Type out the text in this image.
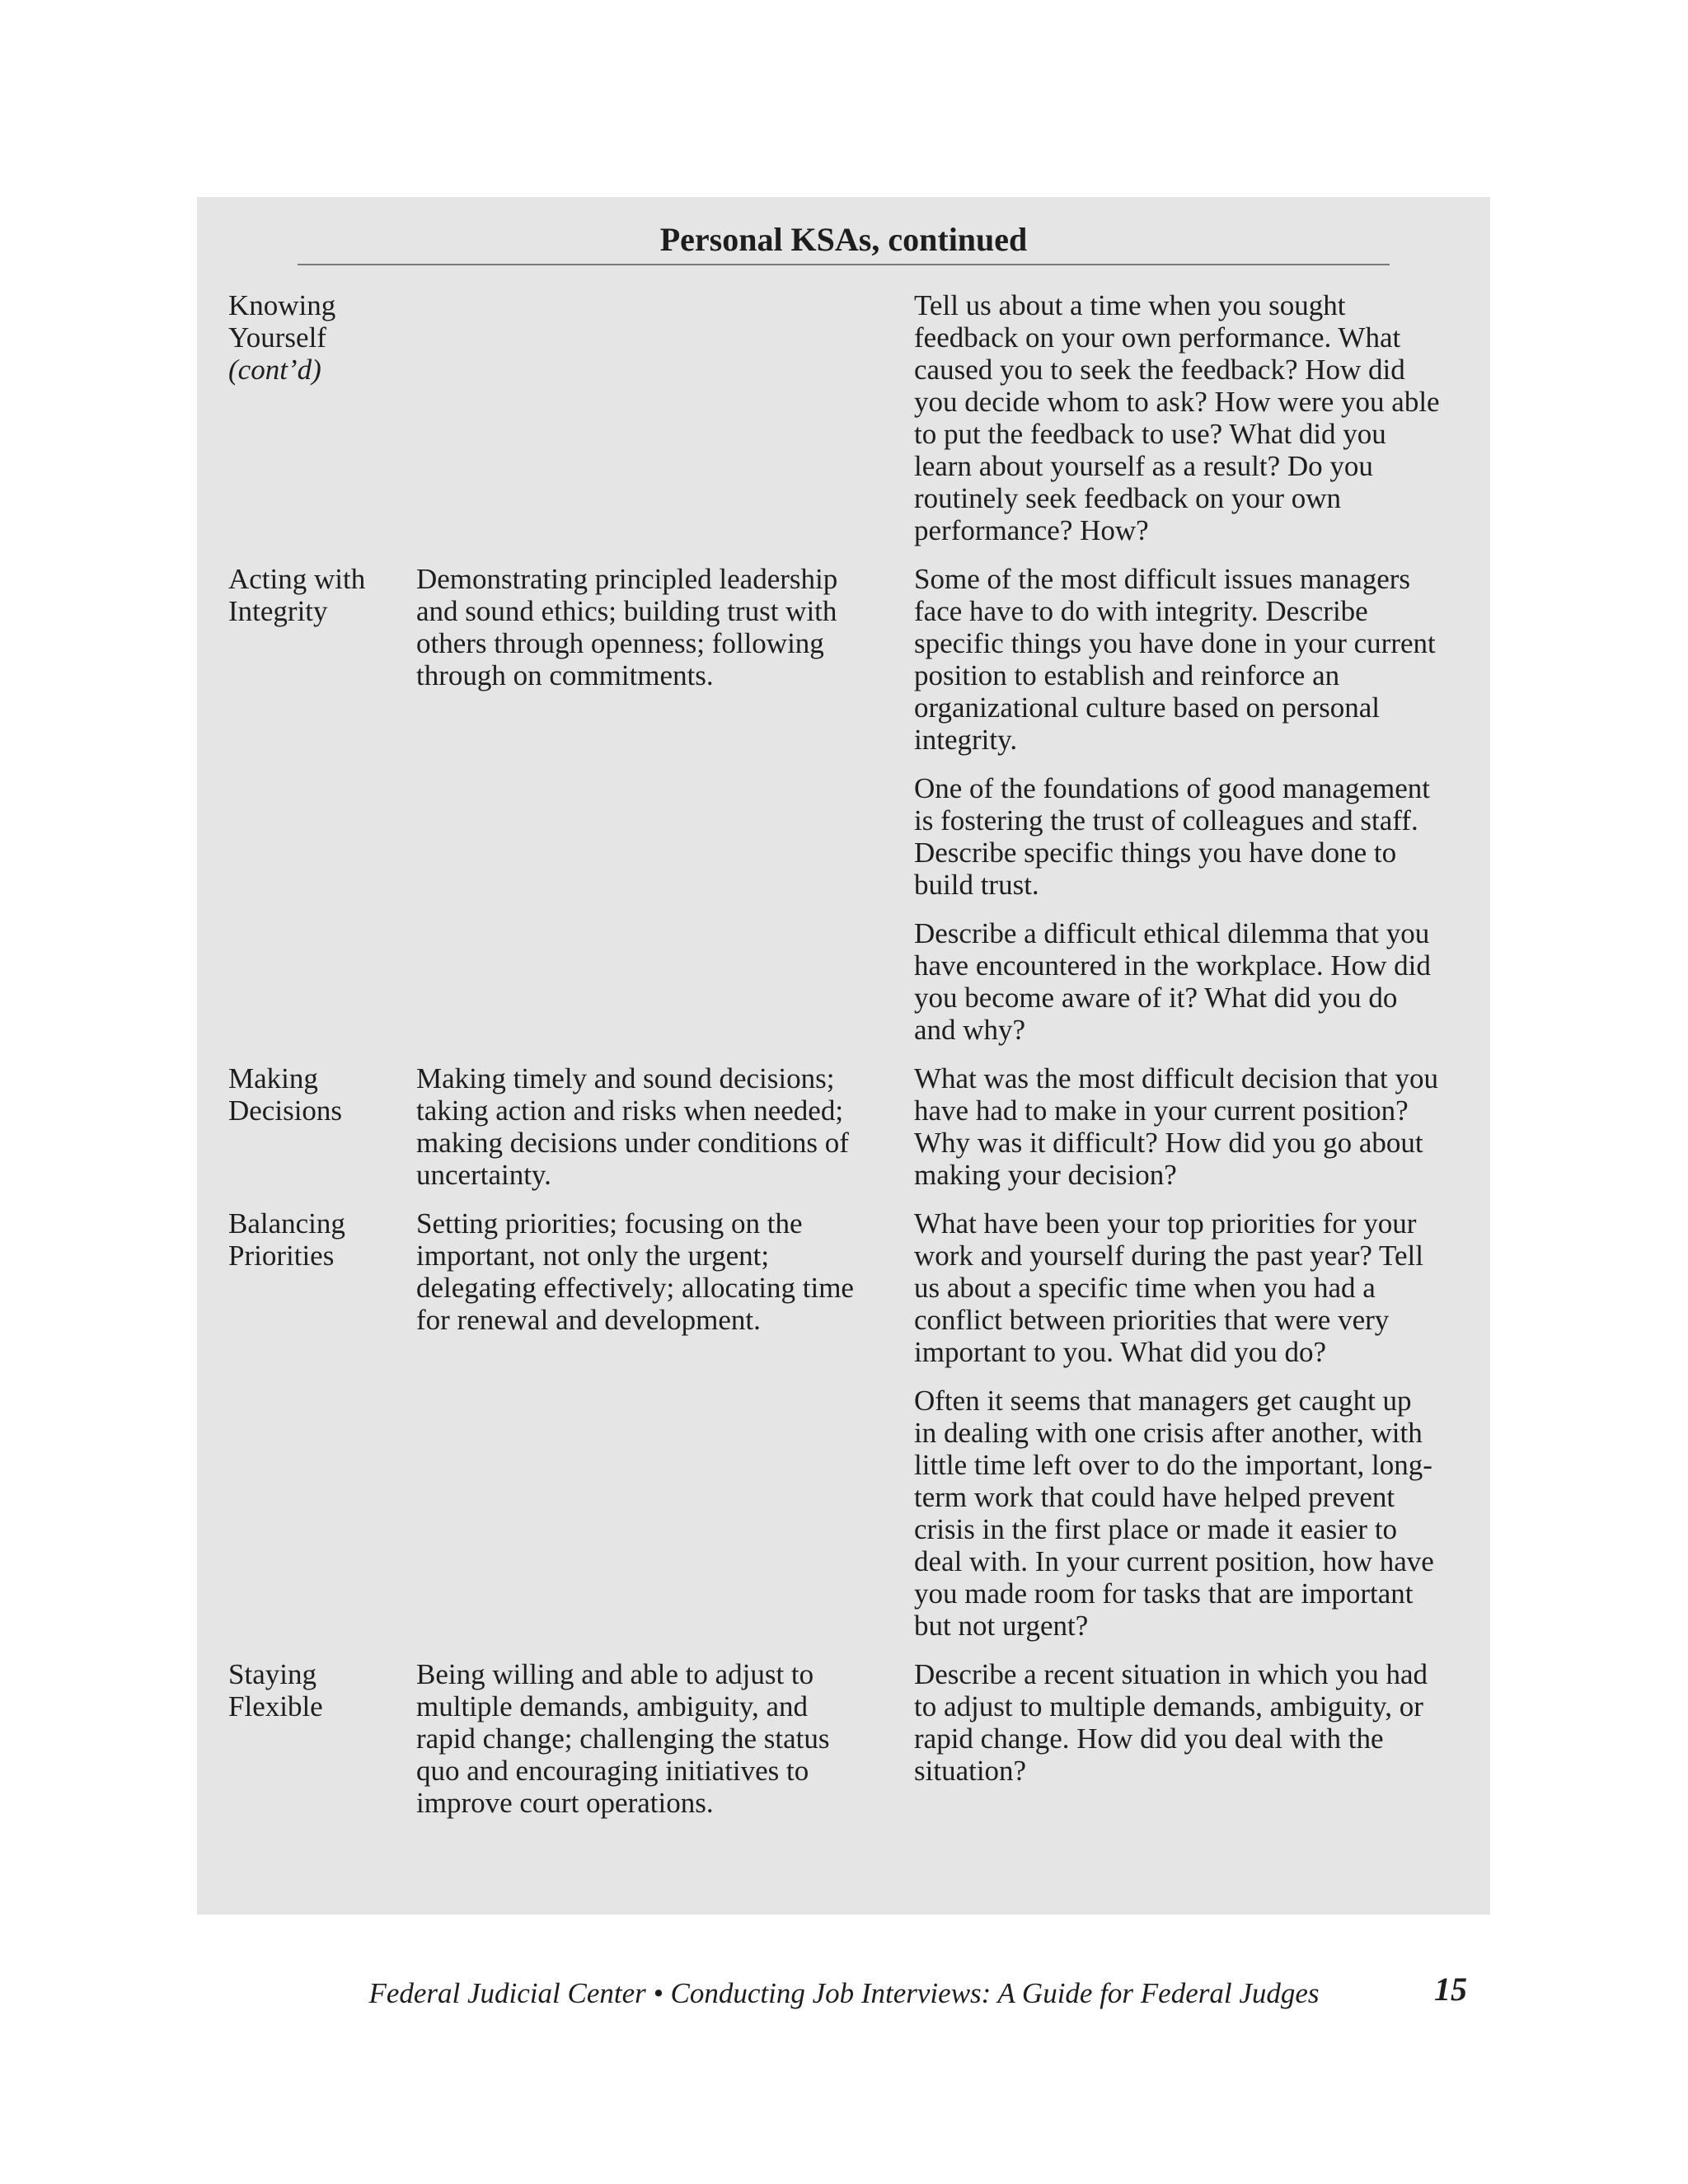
Personal KSAs, continued
Knowing
Yourself
(cont’d)

Tell us about a time when you sought feedback on your own performance. What caused you to seek the feedback? How did you decide whom to ask? How were you able to put the feedback to use? What did you learn about yourself as a result? Do you routinely seek feedback on your own performance? How?

Acting with
Integrity
Demonstrating principled leadership and sound ethics; building trust with others through openness; following through on commitments.

Some of the most difficult issues managers face have to do with integrity. Describe specific things you have done in your current position to establish and reinforce an organizational culture based on personal integrity.

One of the foundations of good management is fostering the trust of colleagues and staff. Describe specific things you have done to build trust.

Describe a difficult ethical dilemma that you have encountered in the workplace. How did you become aware of it? What did you do and why?

Making
Decisions
Making timely and sound decisions; taking action and risks when needed; making decisions under conditions of uncertainty.

What was the most difficult decision that you have had to make in your current position? Why was it difficult? How did you go about making your decision?

Balancing
Priorities
Setting priorities; focusing on the important, not only the urgent; delegating effectively; allocating time for renewal and development.

What have been your top priorities for your work and yourself during the past year? Tell us about a specific time when you had a conflict between priorities that were very important to you. What did you do?

Often it seems that managers get caught up in dealing with one crisis after another, with little time left over to do the important, long-term work that could have helped prevent crisis in the first place or made it easier to deal with. In your current position, how have you made room for tasks that are important but not urgent?

Staying
Flexible
Being willing and able to adjust to multiple demands, ambiguity, and rapid change; challenging the status quo and encouraging initiatives to improve court operations.

Describe a recent situation in which you had to adjust to multiple demands, ambiguity, or rapid change. How did you deal with the situation?

Federal Judicial Center • Conducting Job Interviews: A Guide for Federal Judges	15
